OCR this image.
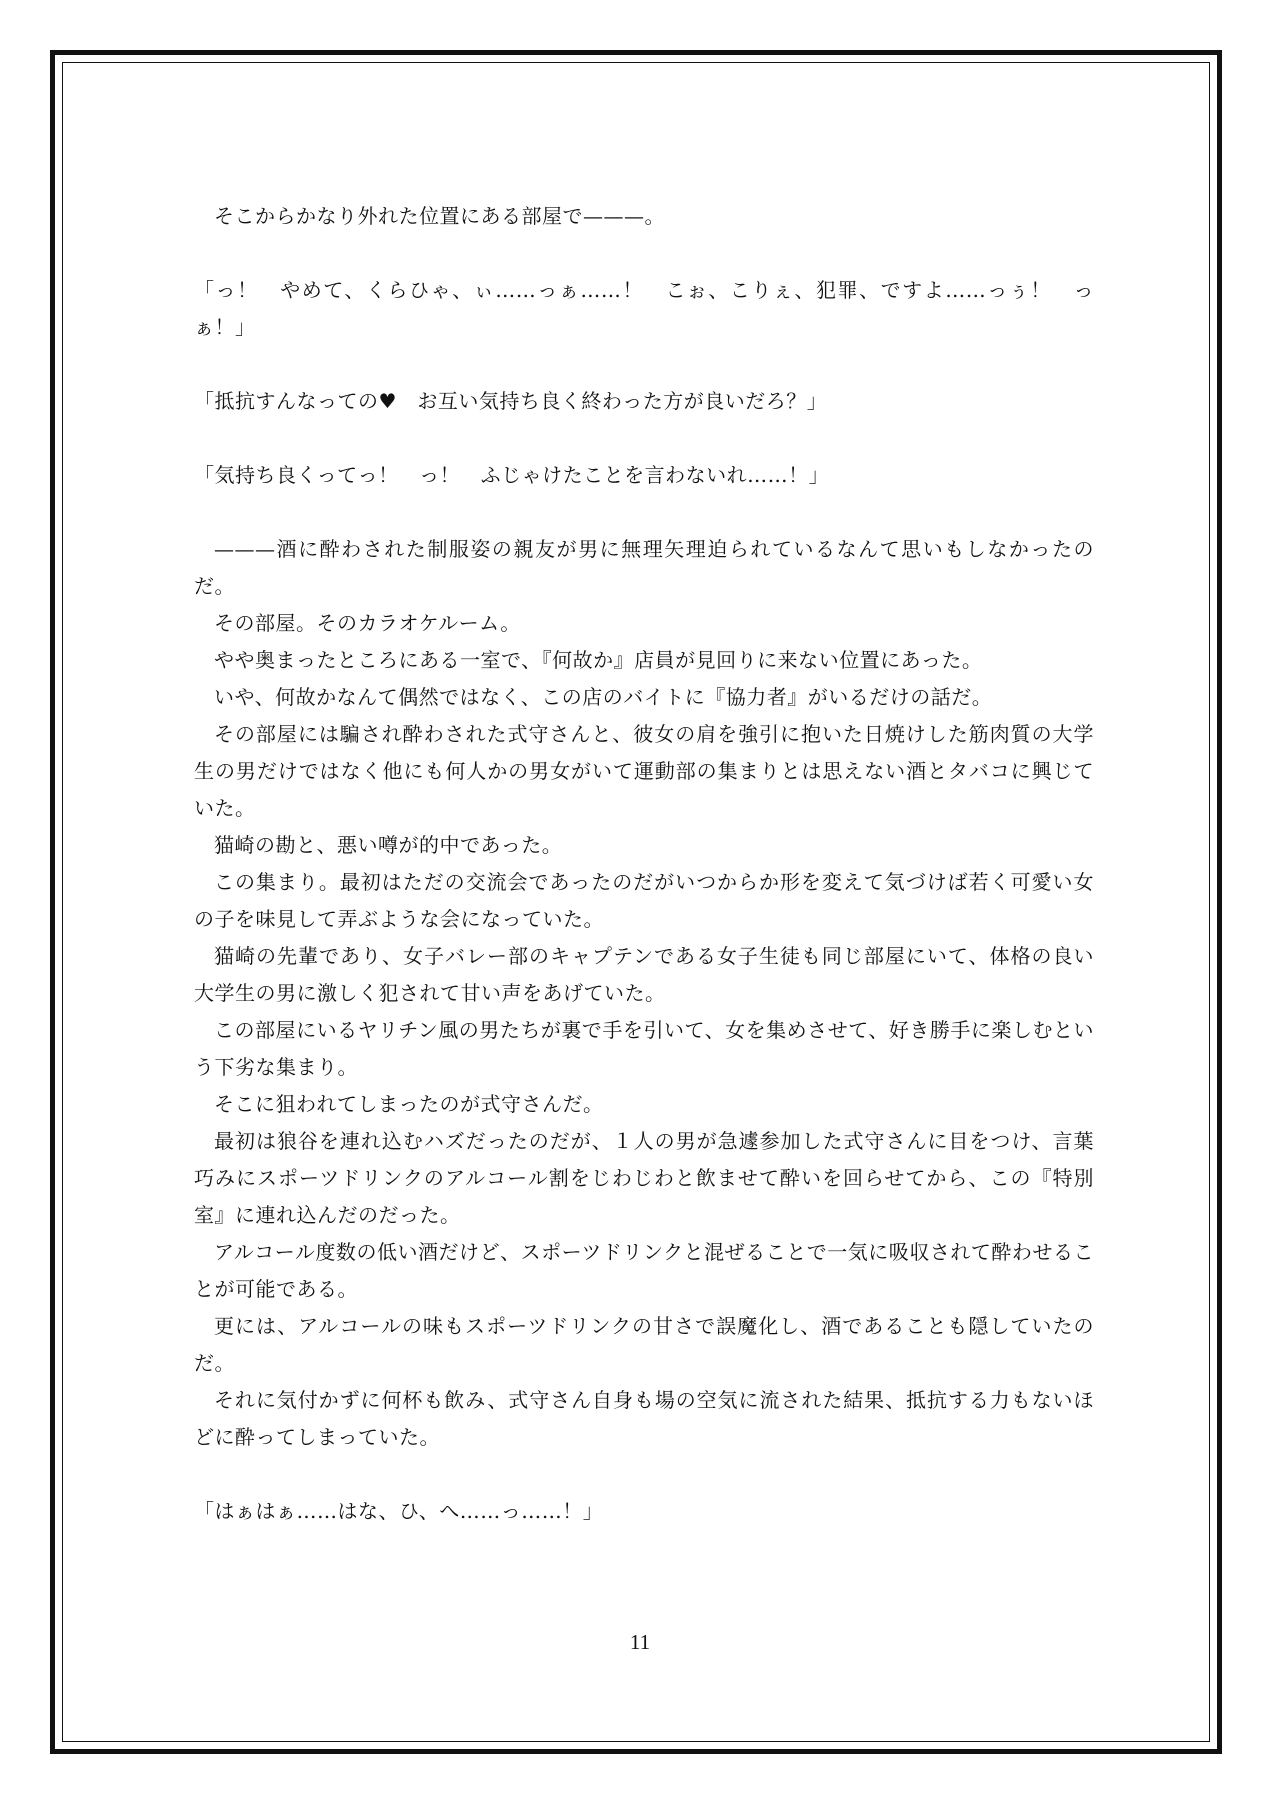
そこからかなり外れた位置にある部屋で———。

「っ！　やめて、くらひゃ、ぃ……っぁ……！　こぉ、こりぇ、犯罪、ですよ……っぅ！　っぁ！」

「抵抗すんなっての♥　お互い気持ち良く終わった方が良いだろ？」

「気持ち良くってっ！　っ！　ふじゃけたことを言わないれ……！」

———酒に酔わされた制服姿の親友が男に無理矢理迫られているなんて思いもしなかったのだ。

その部屋。そのカラオケルーム。

やや奥まったところにある一室で、『何故か』店員が見回りに来ない位置にあった。

いや、何故かなんて偶然ではなく、この店のバイトに『協力者』がいるだけの話だ。

その部屋には騙され酔わされた式守さんと、彼女の肩を強引に抱いた日焼けした筋肉質の大学生の男だけではなく他にも何人かの男女がいて運動部の集まりとは思えない酒とタバコに興じていた。

猫崎の勘と、悪い噂が的中であった。

この集まり。最初はただの交流会であったのだがいつからか形を変えて気づけば若く可愛い女の子を味見して弄ぶような会になっていた。

猫崎の先輩であり、女子バレー部のキャプテンである女子生徒も同じ部屋にいて、体格の良い大学生の男に激しく犯されて甘い声をあげていた。

この部屋にいるヤリチン風の男たちが裏で手を引いて、女を集めさせて、好き勝手に楽しむという下劣な集まり。

そこに狙われてしまったのが式守さんだ。

最初は狼谷を連れ込むハズだったのだが、１人の男が急遽参加した式守さんに目をつけ、言葉巧みにスポーツドリンクのアルコール割をじわじわと飲ませて酔いを回らせてから、この『特別室』に連れ込んだのだった。

アルコール度数の低い酒だけど、スポーツドリンクと混ぜることで一気に吸収されて酔わせることが可能である。

更には、アルコールの味もスポーツドリンクの甘さで誤魔化し、酒であることも隠していたのだ。

それに気付かずに何杯も飲み、式守さん自身も場の空気に流された結果、抵抗する力もないほどに酔ってしまっていた。

「はぁはぁ……はな、ひ、へ……っ……！」

11
